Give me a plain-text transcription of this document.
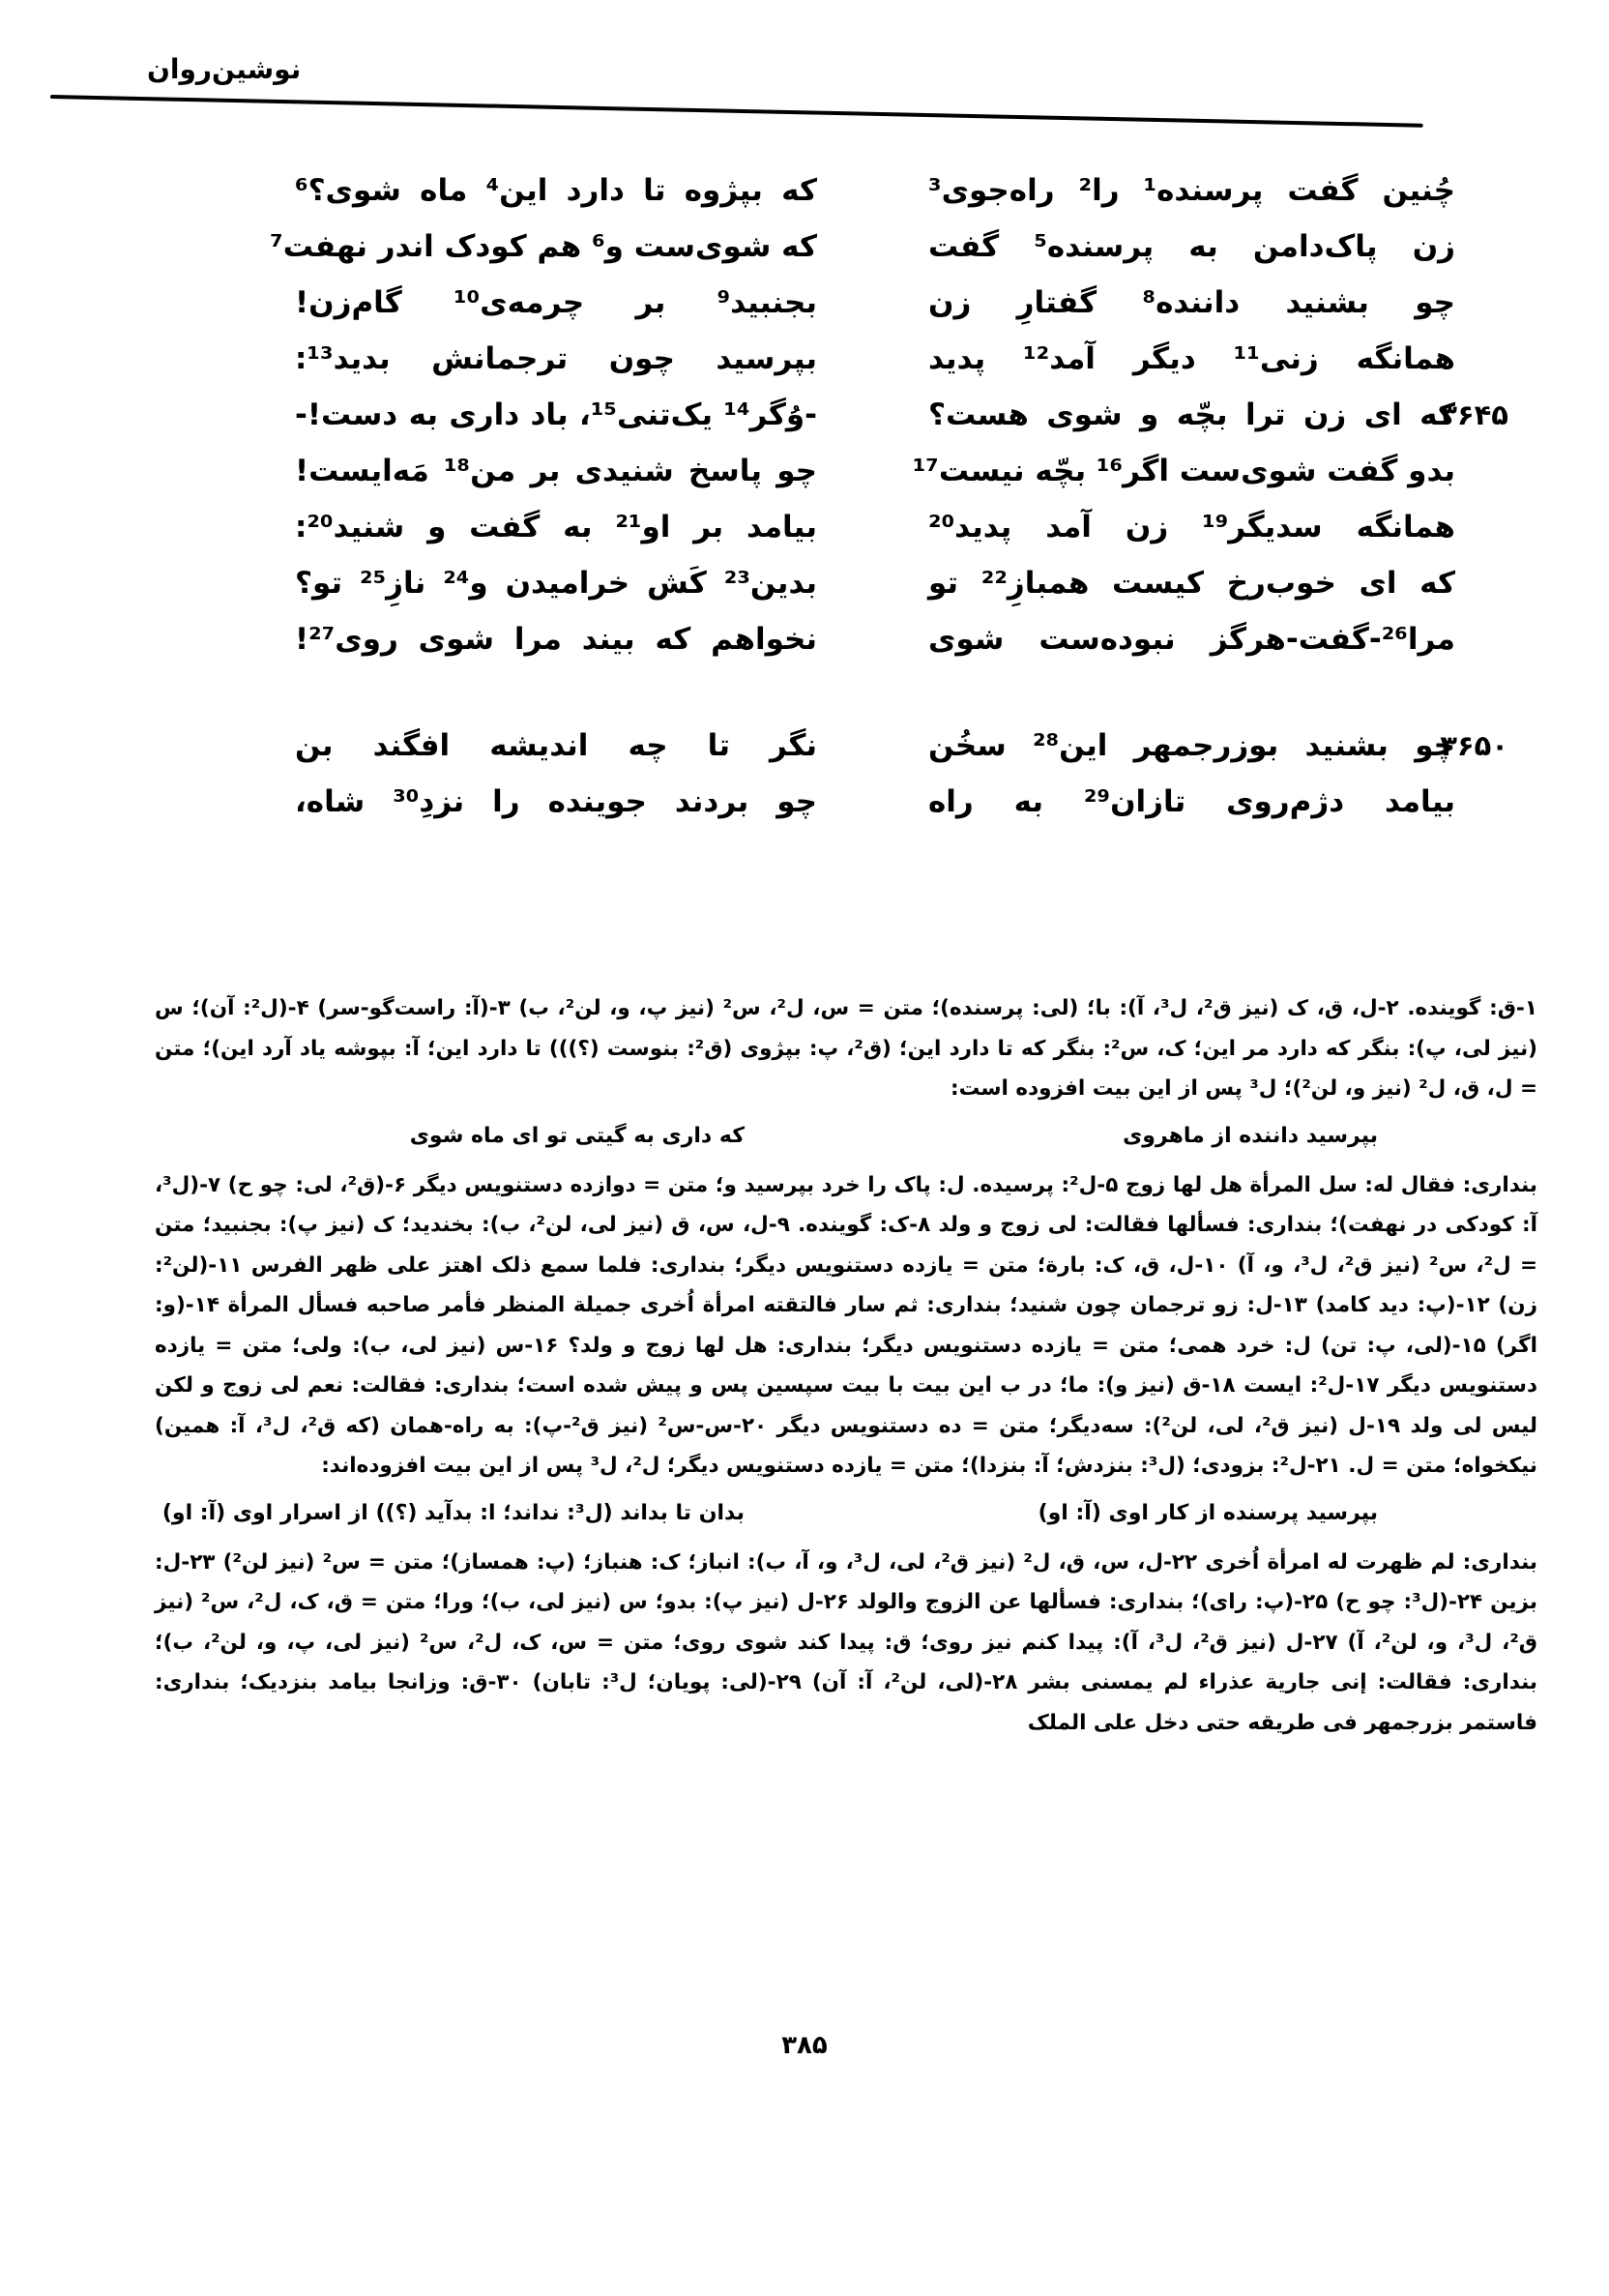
نوشین‌روان
چُنین گفت پرسنده¹ را² راه‌جوی³
که بپژوه تا دارد این⁴ ماه شوی؟⁶
زن پاک‌دامن به پرسنده⁵ گفت
که شوی‌ست و⁶ هم کودک اندر نهفت⁷
چو بشنید داننده⁸ گفتارِ زن
بجنبید⁹ بر چرمه‌ی¹⁰ گام‌زن!
همانگه زنی¹¹ دیگر آمد¹² پدید
بپرسید چون ترجمانش بدید¹³:
۳۶۴۵
که ای زن ترا بچّه و شوی هست؟
-وُگر¹⁴ یک‌تنی¹⁵، باد داری به دست!-
بدو گفت شوی‌ست اگر¹⁶ بچّه نیست¹⁷
چو پاسخ شنیدی بر من¹⁸ مَه‌ایست!
همانگه سدیگر¹⁹ زن آمد پدید²⁰
بیامد بر او²¹ به گفت و شنید²⁰:
که ای خوب‌رخ کیست همبازِ²² تو
بدین²³ کَش خرامیدن و²⁴ نازِ²⁵ تو؟
مرا²⁶-گفت-هرگز نبوده‌ست شوی
نخواهم که بیند مرا شوی روی²⁷!
۳۶۵۰
چو بشنید بوزرجمهر این²⁸ سخُن
نگر تا چه اندیشه افگند بن
بیامد دژم‌روی تازان²⁹ به راه
چو بردند جوینده را نزدِ³⁰ شاه،

۱-ق: گوینده. ۲-ل، ق، ک (نیز ق²، ل³، آ): با؛ (لی: پرسنده)؛ متن = س، ل²، س² (نیز پ، و، لن²، ب) ۳-(آ: راست‌گو-سر) ۴-(ل²: آن)؛ س (نیز لی، پ): بنگر که دارد مر این؛ ک، س²: بنگر که تا دارد این؛ (ق²، پ: بپژوی (ق²: بنوست (؟))) تا دارد این؛ آ: بپوشه یاد آرد این)؛ متن = ل، ق، ل² (نیز و، لن²)؛ ل³ پس از این بیت افزوده است:

بپرسید داننده از ماهروی
که داری به گیتی تو ای ماه شوی

بنداری: فقال له: سل المرأة هل لها زوج ۵-ل²: پرسیده. ل: پاک را خرد بپرسید و؛ متن = دوازده دستنویس دیگر ۶-(ق²، لی: چو ح) ۷-(ل³، آ: کودکی در نهفت)؛ بنداری: فسألها فقالت: لی زوج و ولد ۸-ک: گوینده. ۹-ل، س، ق (نیز لی، لن²، ب): بخندید؛ ک (نیز پ): بجنبید؛ متن = ل²، س² (نیز ق²، ل³، و، آ) ۱۰-ل، ق، ک: بارة؛ متن = یازده دستنویس دیگر؛ بنداری: فلما سمع ذلک اهتز علی ظهر الفرس ۱۱-(لن²: زن) ۱۲-(پ: دید کامد) ۱۳-ل: زو ترجمان چون شنید؛ بنداری: ثم سار فالتقته امرأة اُخری جمیلة المنظر فأمر صاحبه فسأل المرأة ۱۴-(و: اگر) ۱۵-(لی، پ: تن) ل: خرد همی؛ متن = یازده دستنویس دیگر؛ بنداری: هل لها زوج و ولد؟ ۱۶-س (نیز لی، ب): ولی؛ متن = یازده دستنویس دیگر ۱۷-ل²: ایست ۱۸-ق (نیز و): ما؛ در ب این بیت با بیت سپسین پس و پیش شده است؛ بنداری: فقالت: نعم لی زوج و لکن لیس لی ولد ۱۹-ل (نیز ق²، لی، لن²): سه‌دیگر؛ متن = ده دستنویس دیگر ۲۰-س-س² (نیز ق²-پ): به راه-همان (که ق²، ل³، آ: همین) نیکخواه؛ متن = ل. ۲۱-ل²: بزودی؛ (ل³: بنزدش؛ آ: بنزدا)؛ متن = یازده دستنویس دیگر؛ ل²، ل³ پس از این بیت افزوده‌اند:

بپرسید پرسنده از کار اوی (آ: او)
بدان تا بداند (ل³: نداند؛ ا: بدآید (؟)) از اسرار اوی (آ: او)

بنداری: لم ظهرت له امرأة اُخری ۲۲-ل، س، ق، ل² (نیز ق²، لی، ل³، و، آ، ب): انباز؛ ک: هنباز؛ (پ: همساز)؛ متن = س² (نیز لن²) ۲۳-ل: بزین ۲۴-(ل³: چو ح) ۲۵-(پ: رای)؛ بنداری: فسألها عن الزوج والولد ۲۶-ل (نیز پ): بدو؛ س (نیز لی، ب)؛ ورا؛ متن = ق، ک، ل²، س² (نیز ق²، ل³، و، لن²، آ) ۲۷-ل (نیز ق²، ل³، آ): پیدا کنم نیز روی؛ ق: پیدا کند شوی روی؛ متن = س، ک، ل²، س² (نیز لی، پ، و، لن²، ب)؛ بنداری: فقالت: إنی جاریة عذراء لم یمسنی بشر ۲۸-(لی، لن²، آ: آن) ۲۹-(لی: پویان؛ ل³: تابان) ۳۰-ق: وزانجا بیامد بنزدیک؛ بنداری: فاستمر بزرجمهر فی طریقه حتی دخل علی الملک

۳۸۵
